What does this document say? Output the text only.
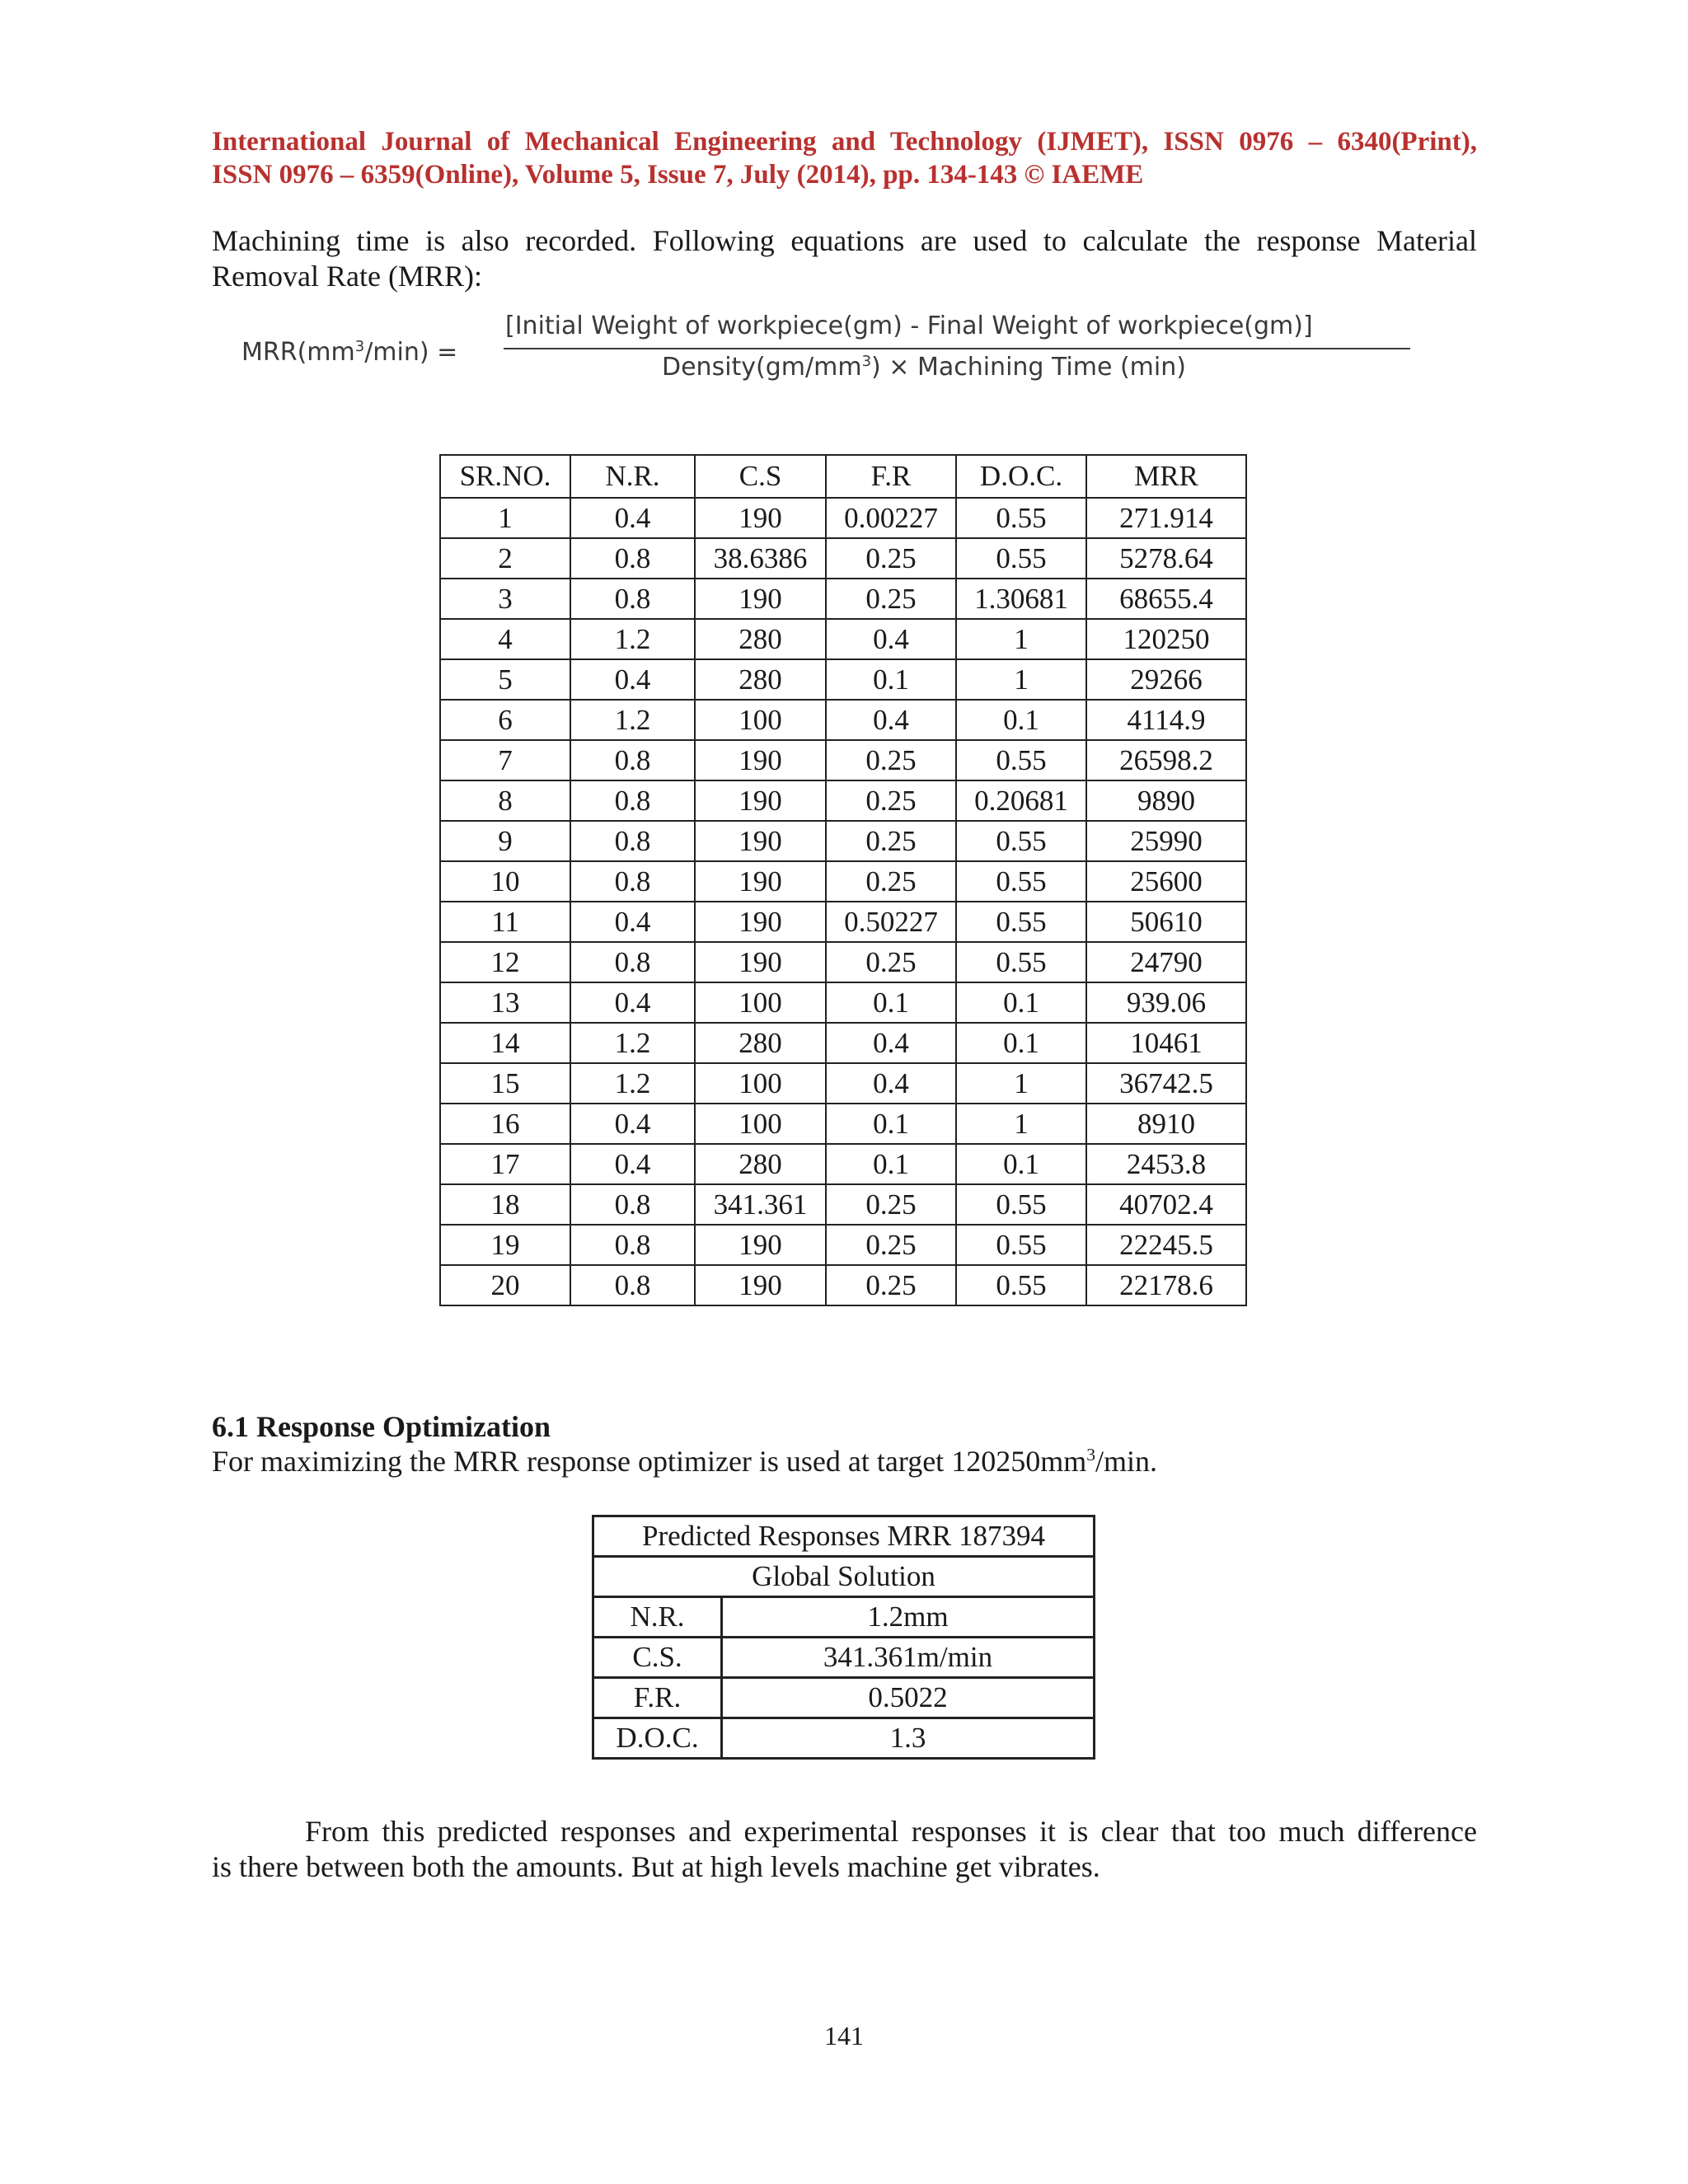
International Journal of Mechanical Engineering and Technology (IJMET), ISSN 0976 – 6340(Print),
ISSN 0976 – 6359(Online), Volume 5, Issue 7, July (2014), pp. 134-143 © IAEME
Machining time is also recorded. Following equations are used to calculate the response Material
Removal Rate (MRR):
$MRR(mm^3/\min)$ =
[Initial Weight of workpiece(gm) - Final Weight of workpiece(gm)]
$Density(gm/mm^3)$ × Machining Time (min)
SR.NO.	N.R.	C.S	F.R	D.O.C.	MRR
1	0.4	190	0.00227	0.55	271.914
2	0.8	38.6386	0.25	0.55	5278.64
3	0.8	190	0.25	1.30681	68655.4
4	1.2	280	0.4	1	120250
5	0.4	280	0.1	1	29266
6	1.2	100	0.4	0.1	4114.9
7	0.8	190	0.25	0.55	26598.2
8	0.8	190	0.25	0.20681	9890
9	0.8	190	0.25	0.55	25990
10	0.8	190	0.25	0.55	25600
11	0.4	190	0.50227	0.55	50610
12	0.8	190	0.25	0.55	24790
13	0.4	100	0.1	0.1	939.06
14	1.2	280	0.4	0.1	10461
15	1.2	100	0.4	1	36742.5
16	0.4	100	0.1	1	8910
17	0.4	280	0.1	0.1	2453.8
18	0.8	341.361	0.25	0.55	40702.4
19	0.8	190	0.25	0.55	22245.5
20	0.8	190	0.25	0.55	22178.6
6.1 Response Optimization
For maximizing the MRR response optimizer is used at target $120250mm^3/\min$.
Predicted Responses MRR 187394	
Global Solution	
N.R.	1.2mm
C.S.	341.361m/min
F.R.	0.5022
D.O.C.	1.3
From this predicted responses and experimental responses it is clear that too much difference
is there between both the amounts. But at high levels machine get vibrates.
141
